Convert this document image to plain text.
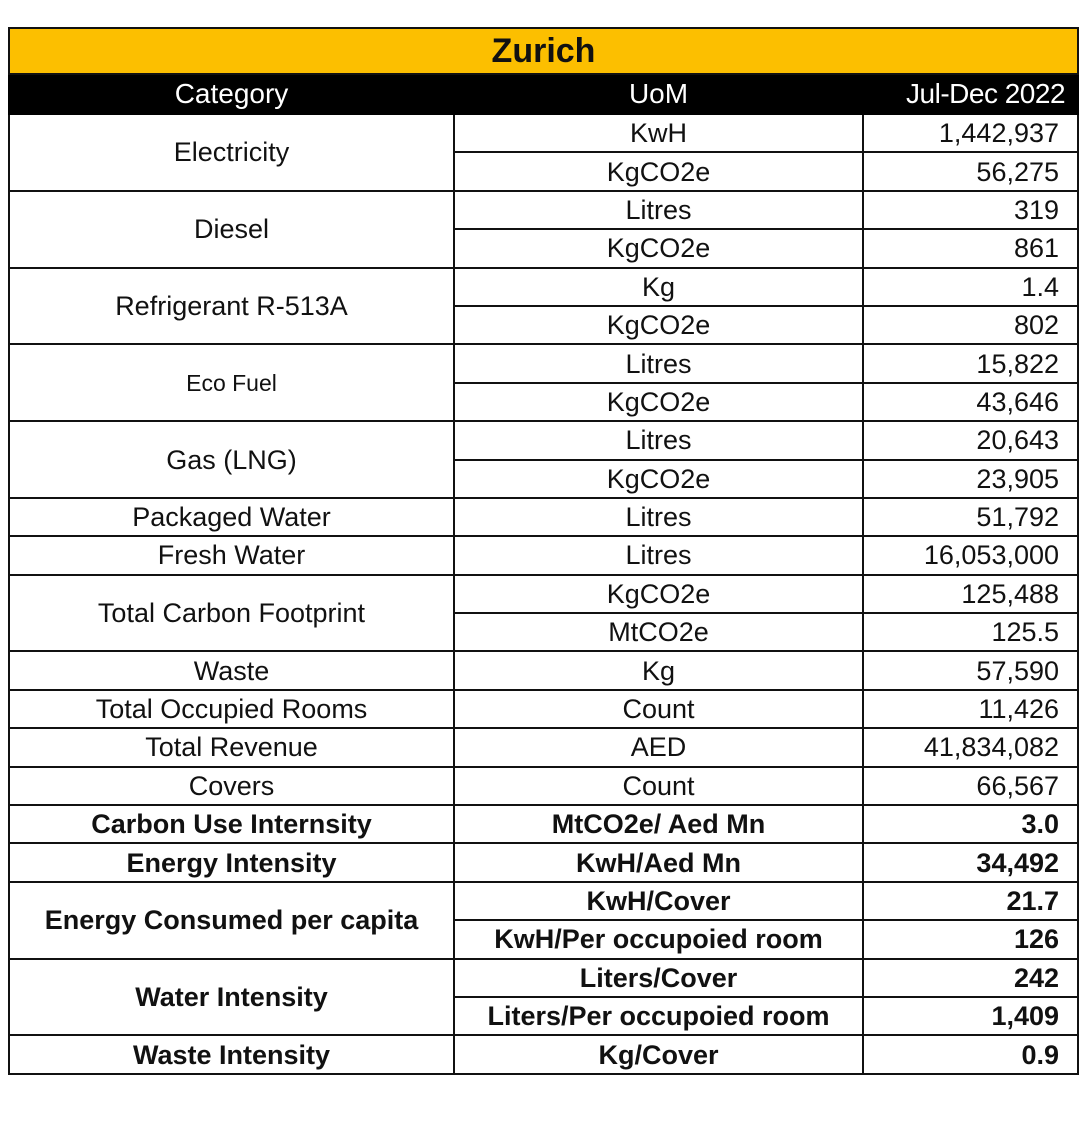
Zurich		
Category	UoM	Jul-Dec 2022
Electricity	KwH	1,442,937
	KgCO2e	56,275
Diesel	Litres	319
	KgCO2e	861
Refrigerant R-513A	Kg	1.4
	KgCO2e	802
Eco Fuel	Litres	15,822
	KgCO2e	43,646
Gas (LNG)	Litres	20,643
	KgCO2e	23,905
Packaged Water	Litres	51,792
Fresh Water	Litres	16,053,000
Total Carbon Footprint	KgCO2e	125,488
	MtCO2e	125.5
Waste	Kg	57,590
Total Occupied Rooms	Count	11,426
Total Revenue	AED	41,834,082
Covers	Count	66,567
Carbon Use Internsity	MtCO2e/ Aed Mn	3.0
Energy Intensity	KwH/Aed Mn	34,492
Energy Consumed per capita	KwH/Cover	21.7
	KwH/Per occupoied room	126
Water Intensity	Liters/Cover	242
	Liters/Per occupoied room	1,409
Waste Intensity	Kg/Cover	0.9
